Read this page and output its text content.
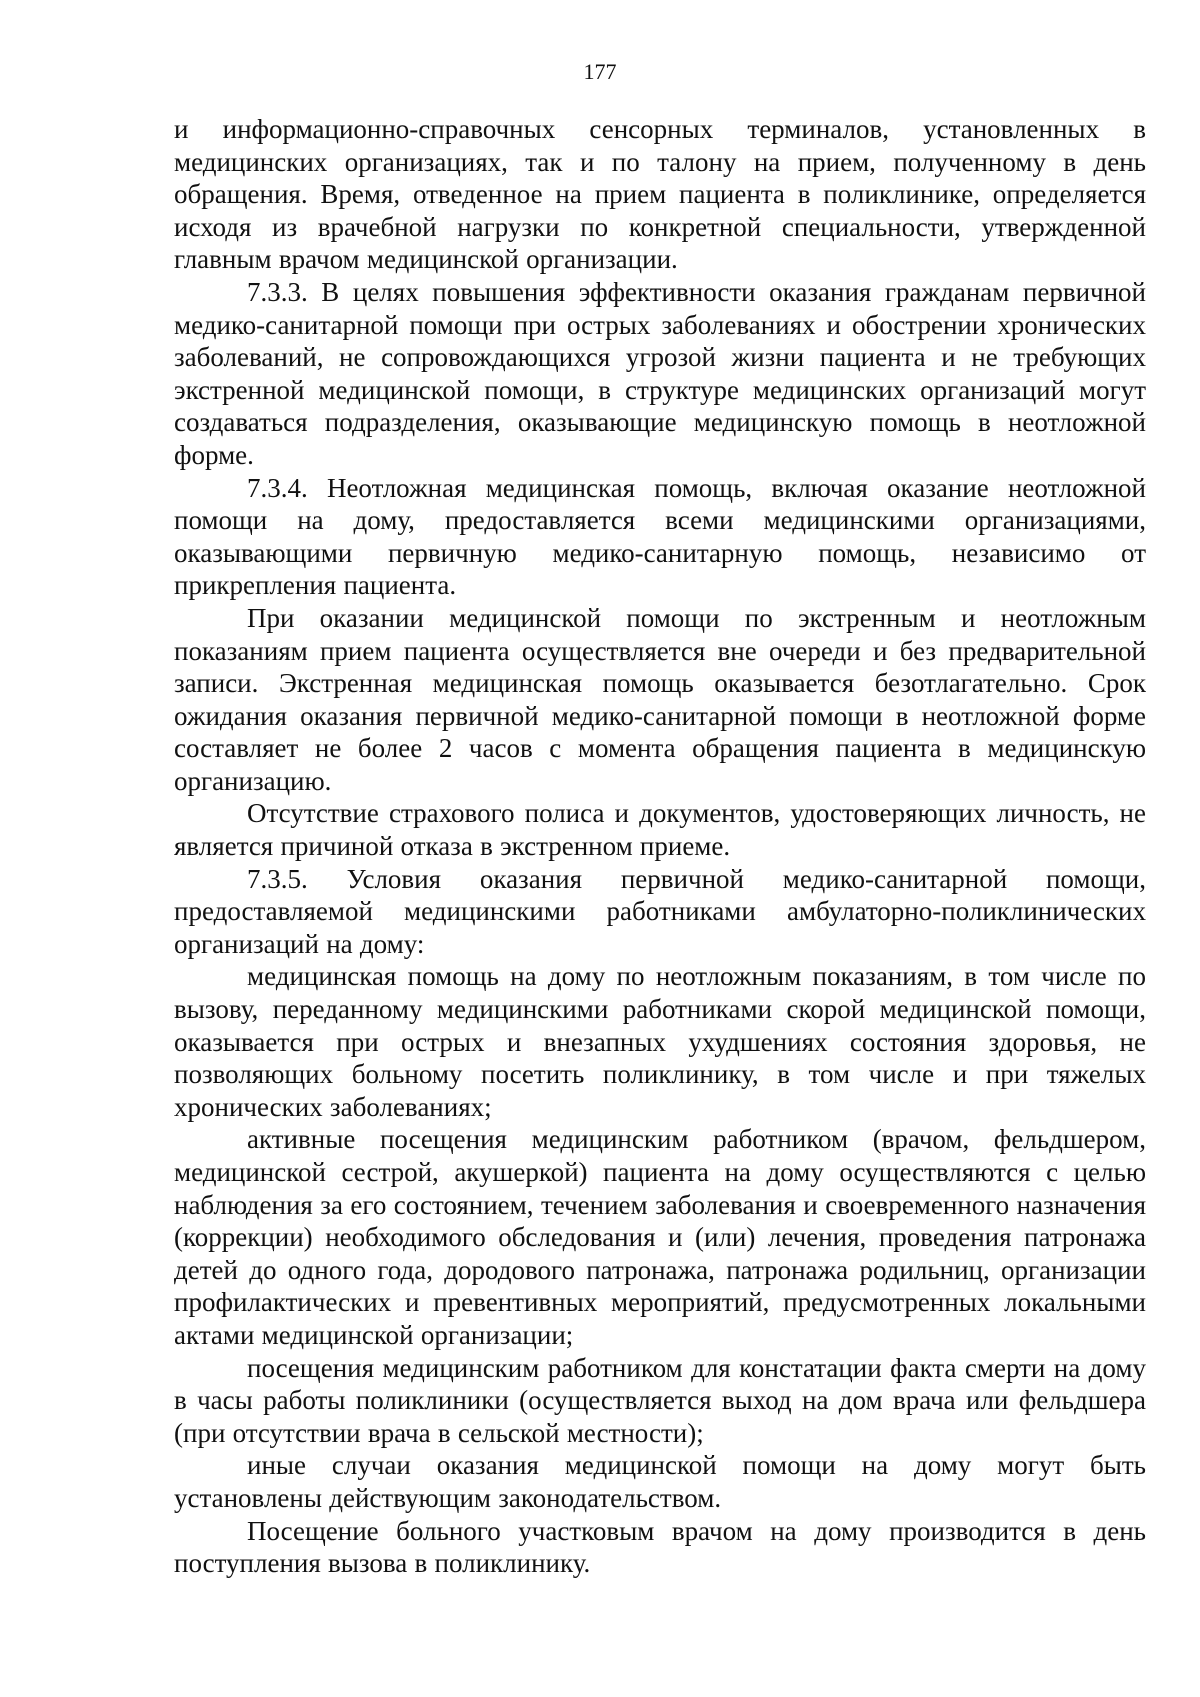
177

и информационно-справочных сенсорных терминалов, установленных в медицинских организациях, так и по талону на прием, полученному в день обращения. Время, отведенное на прием пациента в поликлинике, определяется исходя из врачебной нагрузки по конкретной специальности, утвержденной главным врачом медицинской организации.

7.3.3. В целях повышения эффективности оказания гражданам первичной медико-санитарной помощи при острых заболеваниях и обострении хронических заболеваний, не сопровождающихся угрозой жизни пациента и не требующих экстренной медицинской помощи, в структуре медицинских организаций могут создаваться подразделения, оказывающие медицинскую помощь в неотложной форме.

7.3.4. Неотложная медицинская помощь, включая оказание неотложной помощи на дому, предоставляется всеми медицинскими организациями, оказывающими первичную медико-санитарную помощь, независимо от прикрепления пациента.

При оказании медицинской помощи по экстренным и неотложным показаниям прием пациента осуществляется вне очереди и без предварительной записи. Экстренная медицинская помощь оказывается безотлагательно. Срок ожидания оказания первичной медико-санитарной помощи в неотложной форме составляет не более 2 часов с момента обращения пациента в медицинскую организацию.

Отсутствие страхового полиса и документов, удостоверяющих личность, не является причиной отказа в экстренном приеме.

7.3.5. Условия оказания первичной медико-санитарной помощи, предоставляемой медицинскими работниками амбулаторно-поликлинических организаций на дому:

медицинская помощь на дому по неотложным показаниям, в том числе по вызову, переданному медицинскими работниками скорой медицинской помощи, оказывается при острых и внезапных ухудшениях состояния здоровья, не позволяющих больному посетить поликлинику, в том числе и при тяжелых хронических заболеваниях;

активные посещения медицинским работником (врачом, фельдшером, медицинской сестрой, акушеркой) пациента на дому осуществляются с целью наблюдения за его состоянием, течением заболевания и своевременного назначения (коррекции) необходимого обследования и (или) лечения, проведения патронажа детей до одного года, дородового патронажа, патронажа родильниц, организации профилактических и превентивных мероприятий, предусмотренных локальными актами медицинской организации;

посещения медицинским работником для констатации факта смерти на дому в часы работы поликлиники (осуществляется выход на дом врача или фельдшера (при отсутствии врача в сельской местности);

иные случаи оказания медицинской помощи на дому могут быть установлены действующим законодательством.

Посещение больного участковым врачом на дому производится в день поступления вызова в поликлинику.
